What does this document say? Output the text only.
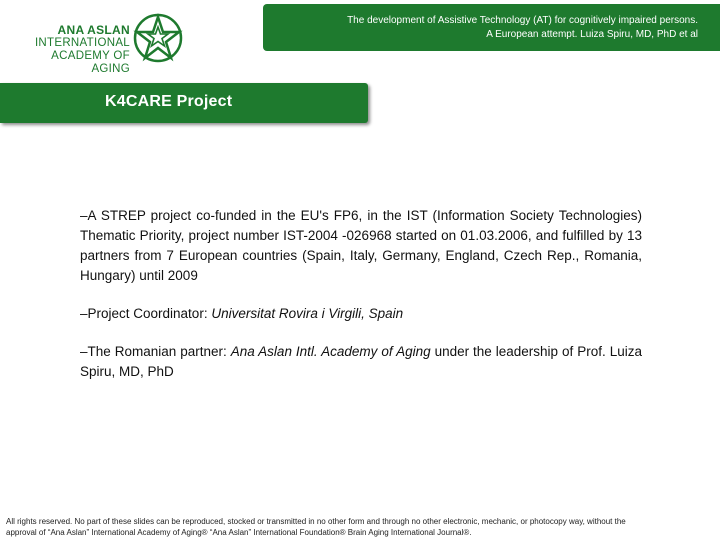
ANA ASLAN
INTERNATIONAL
ACADEMY OF AGING
The development of Assistive Technology (AT) for cognitively impaired persons.
A European attempt. Luiza Spiru, MD, PhD et al
K4CARE Project

–A STREP project co-funded in the EU's FP6, in the IST (Information Society Technologies) Thematic Priority, project number IST-2004 -026968 started on 01.03.2006, and fulfilled by 13 partners from 7 European countries (Spain, Italy, Germany, England, Czech Rep., Romania, Hungary) until 2009

–Project Coordinator: Universitat Rovira i Virgili, Spain

–The Romanian partner: Ana Aslan Intl. Academy of Aging under the leadership of Prof. Luiza Spiru, MD, PhD

All rights reserved. No part of these slides can be reproduced, stocked or transmitted in no other form and through no other electronic, mechanic, or photocopy way, without the
approval of “Ana Aslan” International Academy of Aging® “Ana Aslan” International Foundation® Brain Aging International Journal®.
